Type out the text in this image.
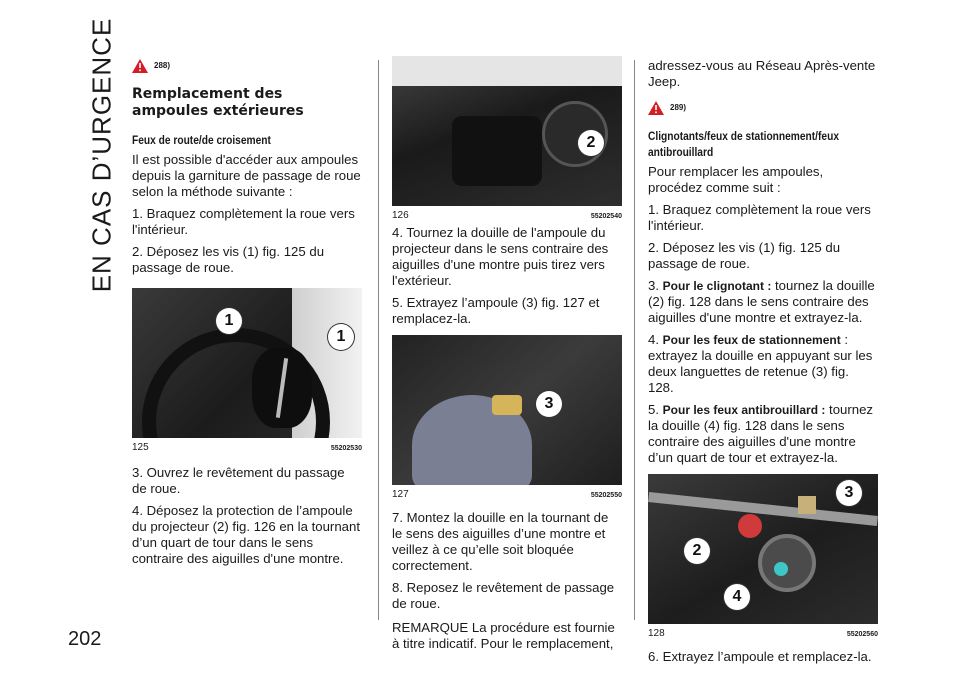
EN CAS D’URGENCE
202
288)
Remplacement des ampoules extérieures
Feux de route/de croisement

Il est possible d'accéder aux ampoules depuis la garniture de passage de roue selon la méthode suivante :

1. Braquez complètement la roue vers l'intérieur.

2. Déposez les vis (1) fig. 125 du passage de roue.

1
1
125	55202530

3. Ouvrez le revêtement du passage de roue.

4. Déposez la protection de l’ampoule du projecteur (2) fig. 126 en la tournant d’un quart de tour dans le sens contraire des aiguilles d'une montre.

2
126	55202540

4. Tournez la douille de l'ampoule du projecteur dans le sens contraire des aiguilles d'une montre puis tirez vers l'extérieur.

5. Extrayez l’ampoule (3) fig. 127 et remplacez-la.

3
127	55202550

7. Montez la douille en la tournant de le sens des aiguilles d’une montre et veillez à ce qu’elle soit bloquée correctement.

8. Reposez le revêtement de passage de roue.

REMARQUE La procédure est fournie à titre indicatif. Pour le remplacement,

adressez-vous au Réseau Après-vente Jeep.

289)
Clignotants/feux de stationnement/feux antibrouillard

Pour remplacer les ampoules, procédez comme suit :

1. Braquez complètement la roue vers l'intérieur.

2. Déposez les vis (1) fig. 125 du passage de roue.

3. Pour le clignotant : tournez la douille (2) fig. 128 dans le sens contraire des aiguilles d'une montre et extrayez-la.

4. Pour les feux de stationnement : extrayez la douille en appuyant sur les deux languettes de retenue (3) fig. 128.

5. Pour les feux antibrouillard : tournez la douille (4) fig. 128 dans le sens contraire des aiguilles d'une montre d’un quart de tour et extrayez-la.

3
2
4
128	55202560

6. Extrayez l’ampoule et remplacez-la.
